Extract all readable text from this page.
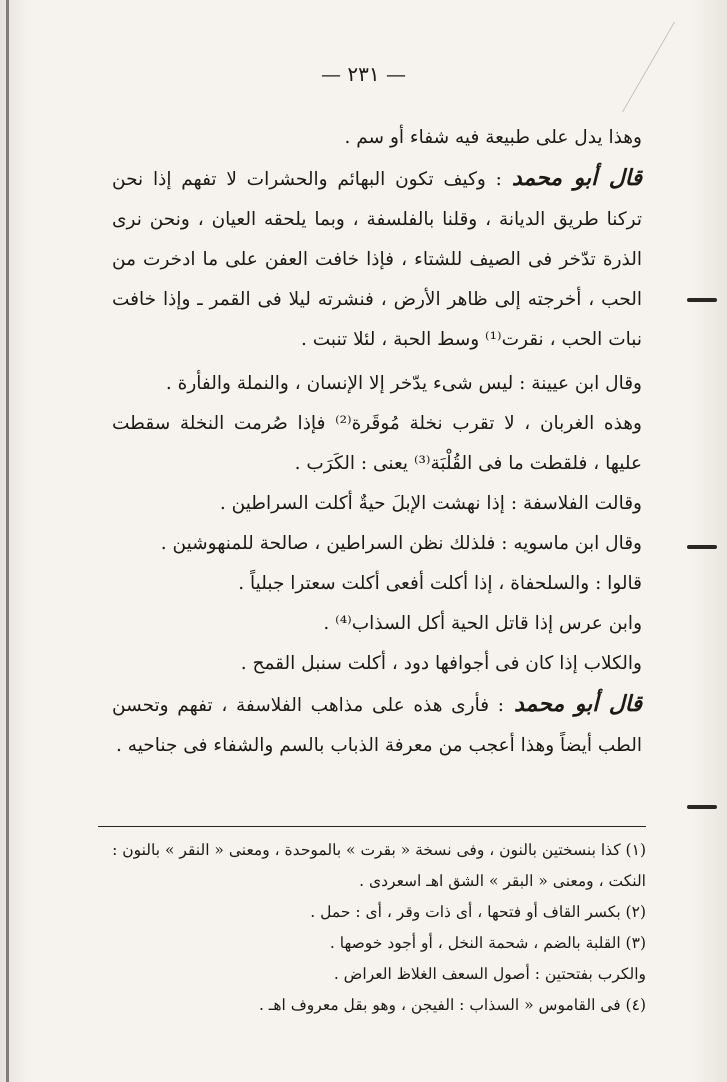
— ٢٣١ —

وهذا يدل على طبيعة فيه شفاء أو سم .

قال أبو محمد: وكيف تكون البهائم والحشرات لا تفهم إذا نحن تركنا طريق الديانة ، وقلنا بالفلسفة ، وبما يلحقه العيان ، ونحن نرى الذرة تدّخر فى الصيف للشتاء ، فإذا خافت العفن على ما ادخرت من الحب ، أخرجته إلى ظاهر الأرض ، فنشرته ليلا فى القمر ـ وإذا خافت نبات الحب ، نقرت⁽¹⁾ وسط الحبة ، لئلا تنبت .

وقال ابن عيينة : ليس شىء يدّخر إلا الإنسان ، والنملة والفأرة .

وهذه الغربان ، لا تقرب نخلة مُوقَرة⁽²⁾ فإذا صُرمت النخلة سقطت عليها ، فلقطت ما فى القُلْبَة⁽³⁾ يعنى : الكَرَب .

وقالت الفلاسفة : إذا نهشت الإبلَ حيةٌ أكلت السراطين .

وقال ابن ماسويه : فلذلك نظن السراطين ، صالحة للمنهوشين .

قالوا : والسلحفاة ، إذا أكلت أفعى أكلت سعترا جبلياً .

وابن عرس إذا قاتل الحية أكل السذاب⁽⁴⁾ .

والكلاب إذا كان فى أجوافها دود ، أكلت سنبل القمح .

قال أبو محمد: فأرى هذه على مذاهب الفلاسفة ، تفهم وتحسن الطب أيضاً وهذا أعجب من معرفة الذباب بالسم والشفاء فى جناحيه .

(١) كذا بنسختين بالنون ، وفى نسخة « بقرت » بالموحدة ، ومعنى « النقر » بالنون : النكت ، ومعنى « البقر » الشق اهـ اسعردى .

(٢) بكسر القاف أو فتحها ، أى ذات وقر ، أى : حمل .

(٣) القلبة بالضم ، شحمة النخل ، أو أجود خوصها .

والكرب بفتحتين : أصول السعف الغلاظ العراض .

(٤) فى القاموس « السذاب : الفيجن ، وهو بقل معروف اهـ .
